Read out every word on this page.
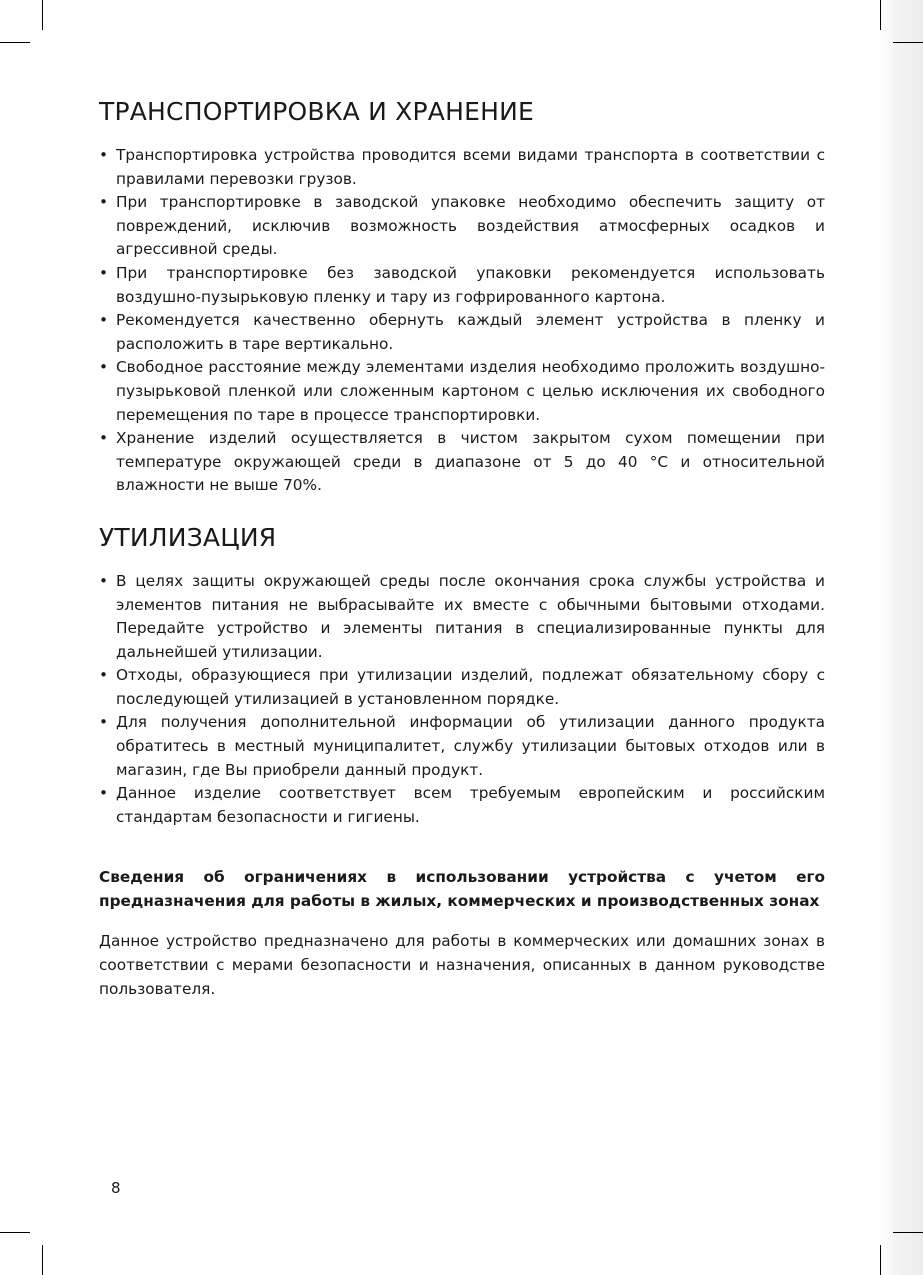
ТРАНСПОРТИРОВКА И ХРАНЕНИЕ
• Транспортировка устройства проводится всеми видами транспорта в соответствии с правилами перевозки грузов.
• При транспортировке в заводской упаковке необходимо обеспечить защиту от повреждений, исключив возможность воздействия атмосферных осадков и агрессивной среды.
• При транспортировке без заводской упаковки рекомендуется использовать воздушно-пузырьковую пленку и тару из гофрированного картона.
• Рекомендуется качественно обернуть каждый элемент устройства в пленку и расположить в таре вертикально.
• Свободное расстояние между элементами изделия необходимо проложить воздушно-пузырьковой пленкой или сложенным картоном с целью исключения их свободного перемещения по таре в процессе транспортировки.
• Хранение изделий осуществляется в чистом закрытом сухом помещении при температуре окружающей среди в диапазоне от 5 до 40 °С и относительной влажности не выше 70%.
УТИЛИЗАЦИЯ
• В целях защиты окружающей среды после окончания срока службы устройства и элементов питания не выбрасывайте их вместе с обычными бытовыми отходами. Передайте устройство и элементы питания в специализированные пункты для дальнейшей утилизации.
• Отходы, образующиеся при утилизации изделий, подлежат обязательному сбору с последующей утилизацией в установленном порядке.
• Для получения дополнительной информации об утилизации данного продукта обратитесь в местный муниципалитет, службу утилизации бытовых отходов или в магазин, где Вы приобрели данный продукт.
• Данное изделие соответствует всем требуемым европейским и российским стандартам безопасности и гигиены.
Сведения об ограничениях в использовании устройства с учетом его предназначения для работы в жилых, коммерческих и производственных зонах

Данное устройство предназначено для работы в коммерческих или домашних зонах в соответствии с мерами безопасности и назначения, описанных в данном руководстве пользователя.

8
